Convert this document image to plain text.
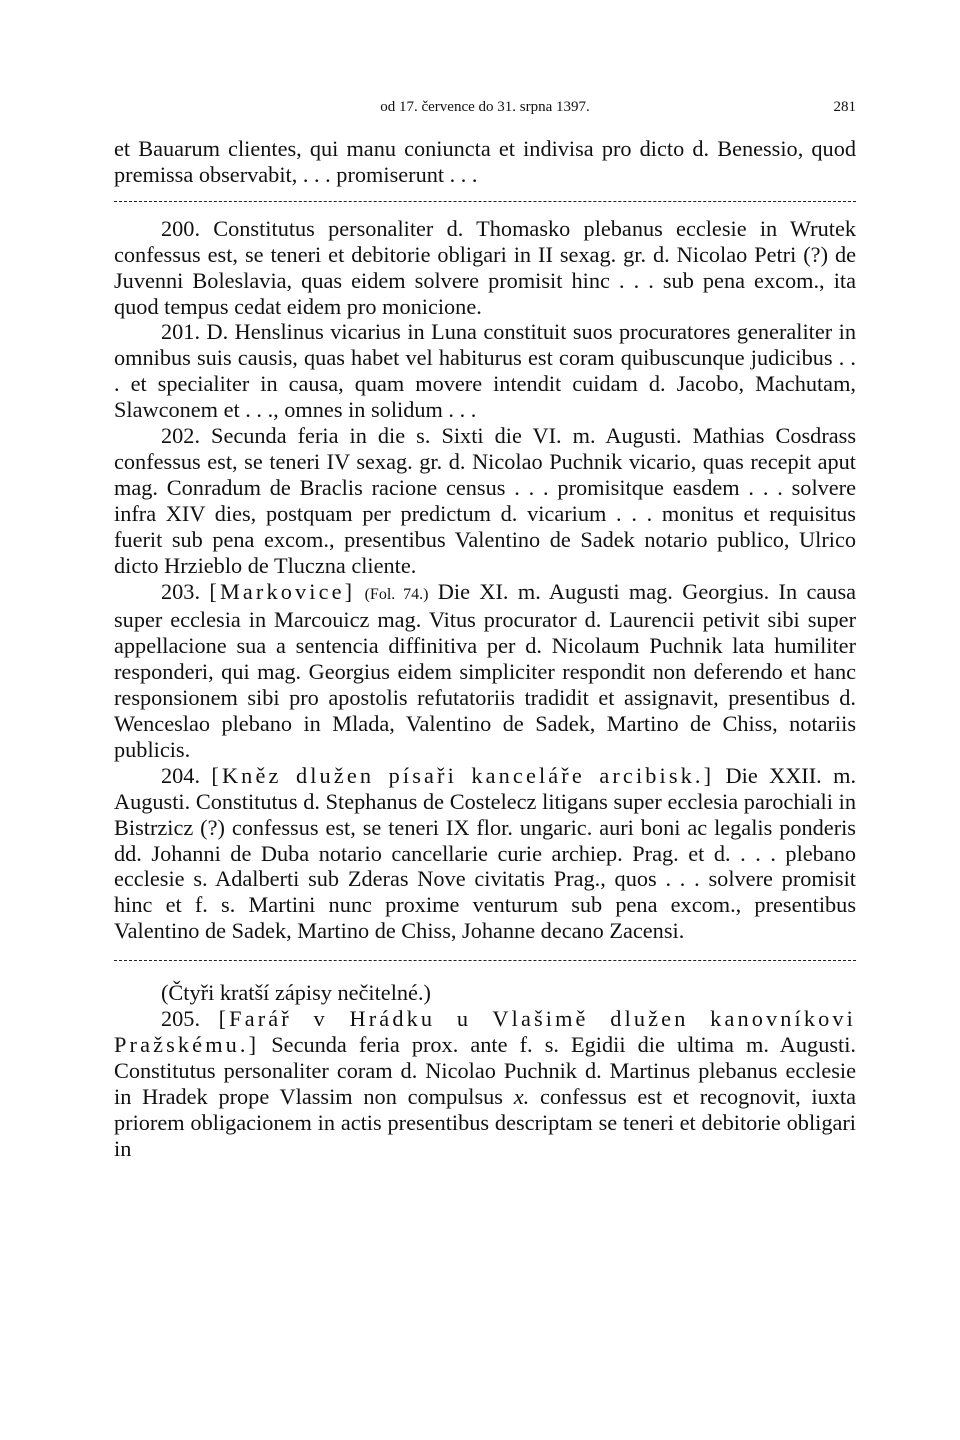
od 17. července do 31. srpna 1397.	281

et Bauarum clientes, qui manu coniuncta et indivisa pro dicto d. Benessio, quod premissa observabit, . . . promiserunt . . .

200. Constitutus personaliter d. Thomasko plebanus ecclesie in Wrutek confessus est, se teneri et debitorie obligari in II sexag. gr. d. Nicolao Petri (?) de Juvenni Boleslavia, quas eidem solvere promisit hinc . . . sub pena excom., ita quod tempus cedat eidem pro monicione.

201. D. Henslinus vicarius in Luna constituit suos procuratores generaliter in omnibus suis causis, quas habet vel habiturus est coram quibuscunque judicibus . . . et specialiter in causa, quam movere intendit cuidam d. Jacobo, Machutam, Slawconem et . . ., omnes in solidum . . .

202. Secunda feria in die s. Sixti die VI. m. Augusti. Mathias Cosdrass confessus est, se teneri IV sexag. gr. d. Nicolao Puchnik vicario, quas recepit aput mag. Conradum de Braclis racione census . . . promisitque easdem . . . solvere infra XIV dies, postquam per predictum d. vicarium . . . monitus et requisitus fuerit sub pena excom., presentibus Valentino de Sadek notario publico, Ulrico dicto Hrzieblo de Tluczna cliente.

203. [Markovice] (Fol. 74.) Die XI. m. Augusti mag. Georgius. In causa super ecclesia in Marcouicz mag. Vitus procurator d. Laurencii petivit sibi super appellacione sua a sentencia diffinitiva per d. Nicolaum Puchnik lata humiliter responderi, qui mag. Georgius eidem simpliciter respondit non deferendo et hanc responsionem sibi pro apostolis refutatoriis tradidit et assignavit, presentibus d. Wenceslao plebano in Mlada, Valentino de Sadek, Martino de Chiss, notariis publicis.

204. [Kněz dlužen písaři kanceláře arcibisk.] Die XXII. m. Augusti. Constitutus d. Stephanus de Costelecz litigans super ecclesia parochiali in Bistrzicz (?) confessus est, se teneri IX flor. ungaric. auri boni ac legalis ponderis dd. Johanni de Duba notario cancellarie curie archiep. Prag. et d. . . . plebano ecclesie s. Adalberti sub Zderas Nove civitatis Prag., quos . . . solvere promisit hinc et f. s. Martini nunc proxime venturum sub pena excom., presentibus Valentino de Sadek, Martino de Chiss, Johanne decano Zacensi.

(Čtyři kratší zápisy nečitelné.)

205. [Farář v Hrádku u Vlašimě dlužen kanovníkovi Pražskému.] Secunda feria prox. ante f. s. Egidii die ultima m. Augusti. Constitutus personaliter coram d. Nicolao Puchnik d. Martinus plebanus ecclesie in Hradek prope Vlassim non compulsus x. confessus est et recognovit, iuxta priorem obligacionem in actis presentibus descriptam se teneri et debitorie obligari in
